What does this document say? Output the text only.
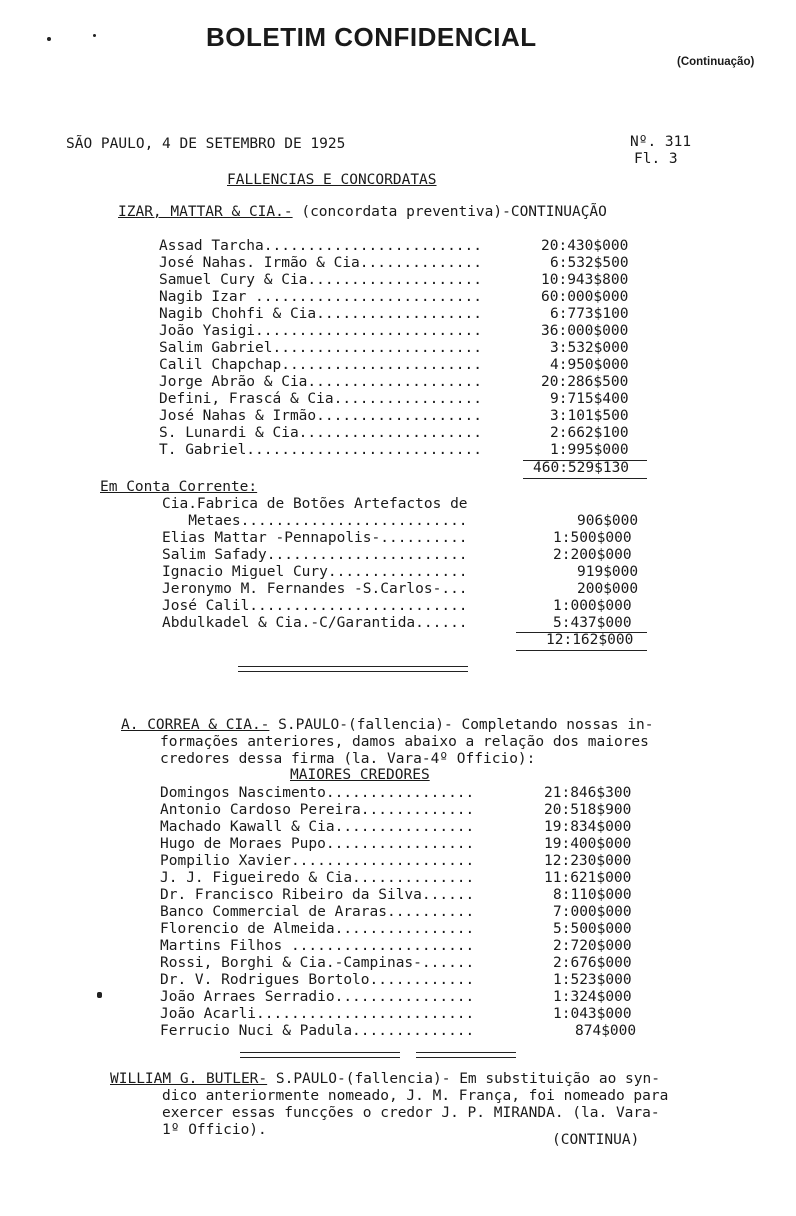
BOLETIM CONFIDENCIAL
(Continuação)
SÃO PAULO, 4 DE SETEMBRO DE 1925	Nº. 311
Fl. 3
FALLENCIAS E CONCORDATAS
IZAR, MATTAR & CIA.- (concordata preventiva)-CONTINUAÇÃO
Assad Tarcha.........................	20:430$000
José Nahas. Irmão & Cia..............	6:532$500
Samuel Cury & Cia....................	10:943$800
Nagib Izar ..........................	60:000$000
Nagib Chohfi & Cia...................	6:773$100
João Yasigi..........................	36:000$000
Salim Gabriel........................	3:532$000
Calil Chapchap.......................	4:950$000
Jorge Abrão & Cia....................	20:286$500
Defini, Frascá & Cia.................	9:715$400
José Nahas & Irmão...................	3:101$500
S. Lunardi & Cia.....................	2:662$100
T. Gabriel...........................	1:995$000
460:529$130
Em Conta Corrente:
Cia.Fabrica de Botões Artefactos de
Metaes..........................	906$000
Elias Mattar -Pennapolis-..........	1:500$000
Salim Safady.......................	2:200$000
Ignacio Miguel Cury................	919$000
Jeronymo M. Fernandes -S.Carlos-...	200$000
José Calil.........................	1:000$000
Abdulkadel & Cia.-C/Garantida......	5:437$000
12:162$000
A. CORREA & CIA.- S.PAULO-(fallencia)- Completando nossas in-
formações anteriores, damos abaixo a relação dos maiores
credores dessa firma (la. Vara-4º Officio):
MAIORES CREDORES
Domingos Nascimento.................	21:846$300
Antonio Cardoso Pereira.............	20:518$900
Machado Kawall & Cia................	19:834$000
Hugo de Moraes Pupo.................	19:400$000
Pompilio Xavier.....................	12:230$000
J. J. Figueiredo & Cia..............	11:621$000
Dr. Francisco Ribeiro da Silva......	8:110$000
Banco Commercial de Araras..........	7:000$000
Florencio de Almeida................	5:500$000
Martins Filhos .....................	2:720$000
Rossi, Borghi & Cia.-Campinas-......	2:676$000
Dr. V. Rodrigues Bortolo............	1:523$000
João Arraes Serradio................	1:324$000
João Acarli.........................	1:043$000
Ferrucio Nuci & Padula..............	874$000
WILLIAM G. BUTLER- S.PAULO-(fallencia)- Em substituição ao syn-
dico anteriormente nomeado, J. M. França, foi nomeado para
exercer essas funcções o credor J. P. MIRANDA. (la. Vara-
1º Officio).
(CONTINUA)
